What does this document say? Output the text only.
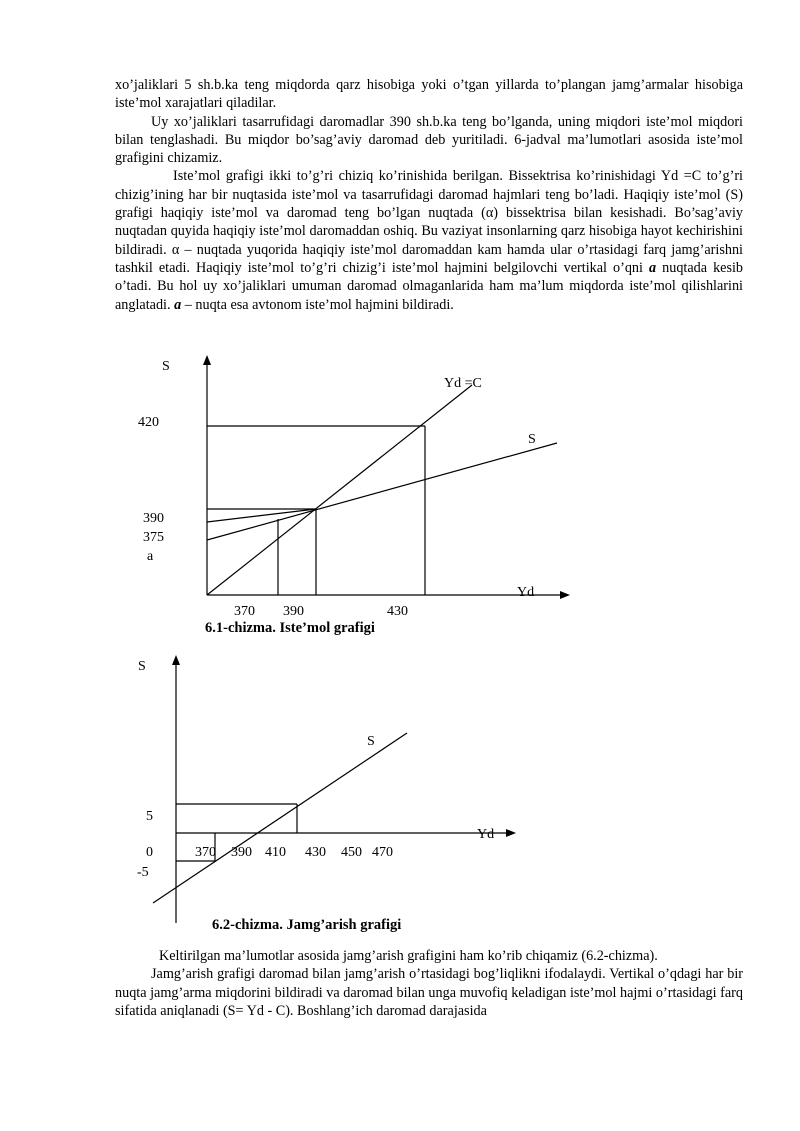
xo’jaliklari 5 sh.b.ka teng miqdorda qarz hisobiga yoki o’tgan yillarda to’plangan jamg’armalar hisobiga iste’mol xarajatlari qiladilar.

Uy xo’jaliklari tasarrufidagi daromadlar 390 sh.b.ka teng bo’lganda, uning miqdori iste’mol miqdori bilan tenglashadi. Bu miqdor bo’sag’aviy daromad deb yuritiladi. 6-jadval ma’lumotlari asosida iste’mol grafigini chizamiz.

Iste’mol grafigi ikki to’g’ri chiziq ko’rinishida berilgan. Bissektrisa ko’rinishidagi Yd =C to’g’ri chizig’ining har bir nuqtasida iste’mol va tasarrufidagi daromad hajmlari teng bo’ladi. Haqiqiy iste’mol (S) grafigi haqiqiy iste’mol va daromad teng bo’lgan nuqtada (α) bissektrisa bilan kesishadi. Bo’sag’aviy nuqtadan quyida haqiqiy iste’mol daromaddan oshiq. Bu vaziyat insonlarning qarz hisobiga hayot kechirishini bildiradi. α – nuqtada yuqorida haqiqiy iste’mol daromaddan kam hamda ular o’rtasidagi farq jamg’arishni tashkil etadi. Haqiqiy iste’mol to’g’ri chizig’i iste’mol hajmini belgilovchi vertikal o’qni a nuqtada kesib o’tadi. Bu hol uy xo’jaliklari umuman daromad olmaganlarida ham ma’lum miqdorda iste’mol qilishlarini anglatadi. a – nuqta esa avtonom iste’mol hajmini bildiradi.

S
Yd =C
S
Yd
420
390
375
a
370 390	430
6.1-chizma. Iste’mol grafigi
S
S
Yd
5
0
-5
370 390 410 430 450 470
6.2-chizma. Jamg’arish grafigi

Keltirilgan ma’lumotlar asosida jamg’arish grafigini ham ko’rib chiqamiz (6.2-chizma).

Jamg’arish grafigi daromad bilan jamg’arish o’rtasidagi bog’liqlikni ifodalaydi. Vertikal o’qdagi har bir nuqta jamg’arma miqdorini bildiradi va daromad bilan unga muvofiq keladigan iste’mol hajmi o’rtasidagi farq sifatida aniqlanadi (S= Yd - C). Boshlang’ich daromad darajasida
